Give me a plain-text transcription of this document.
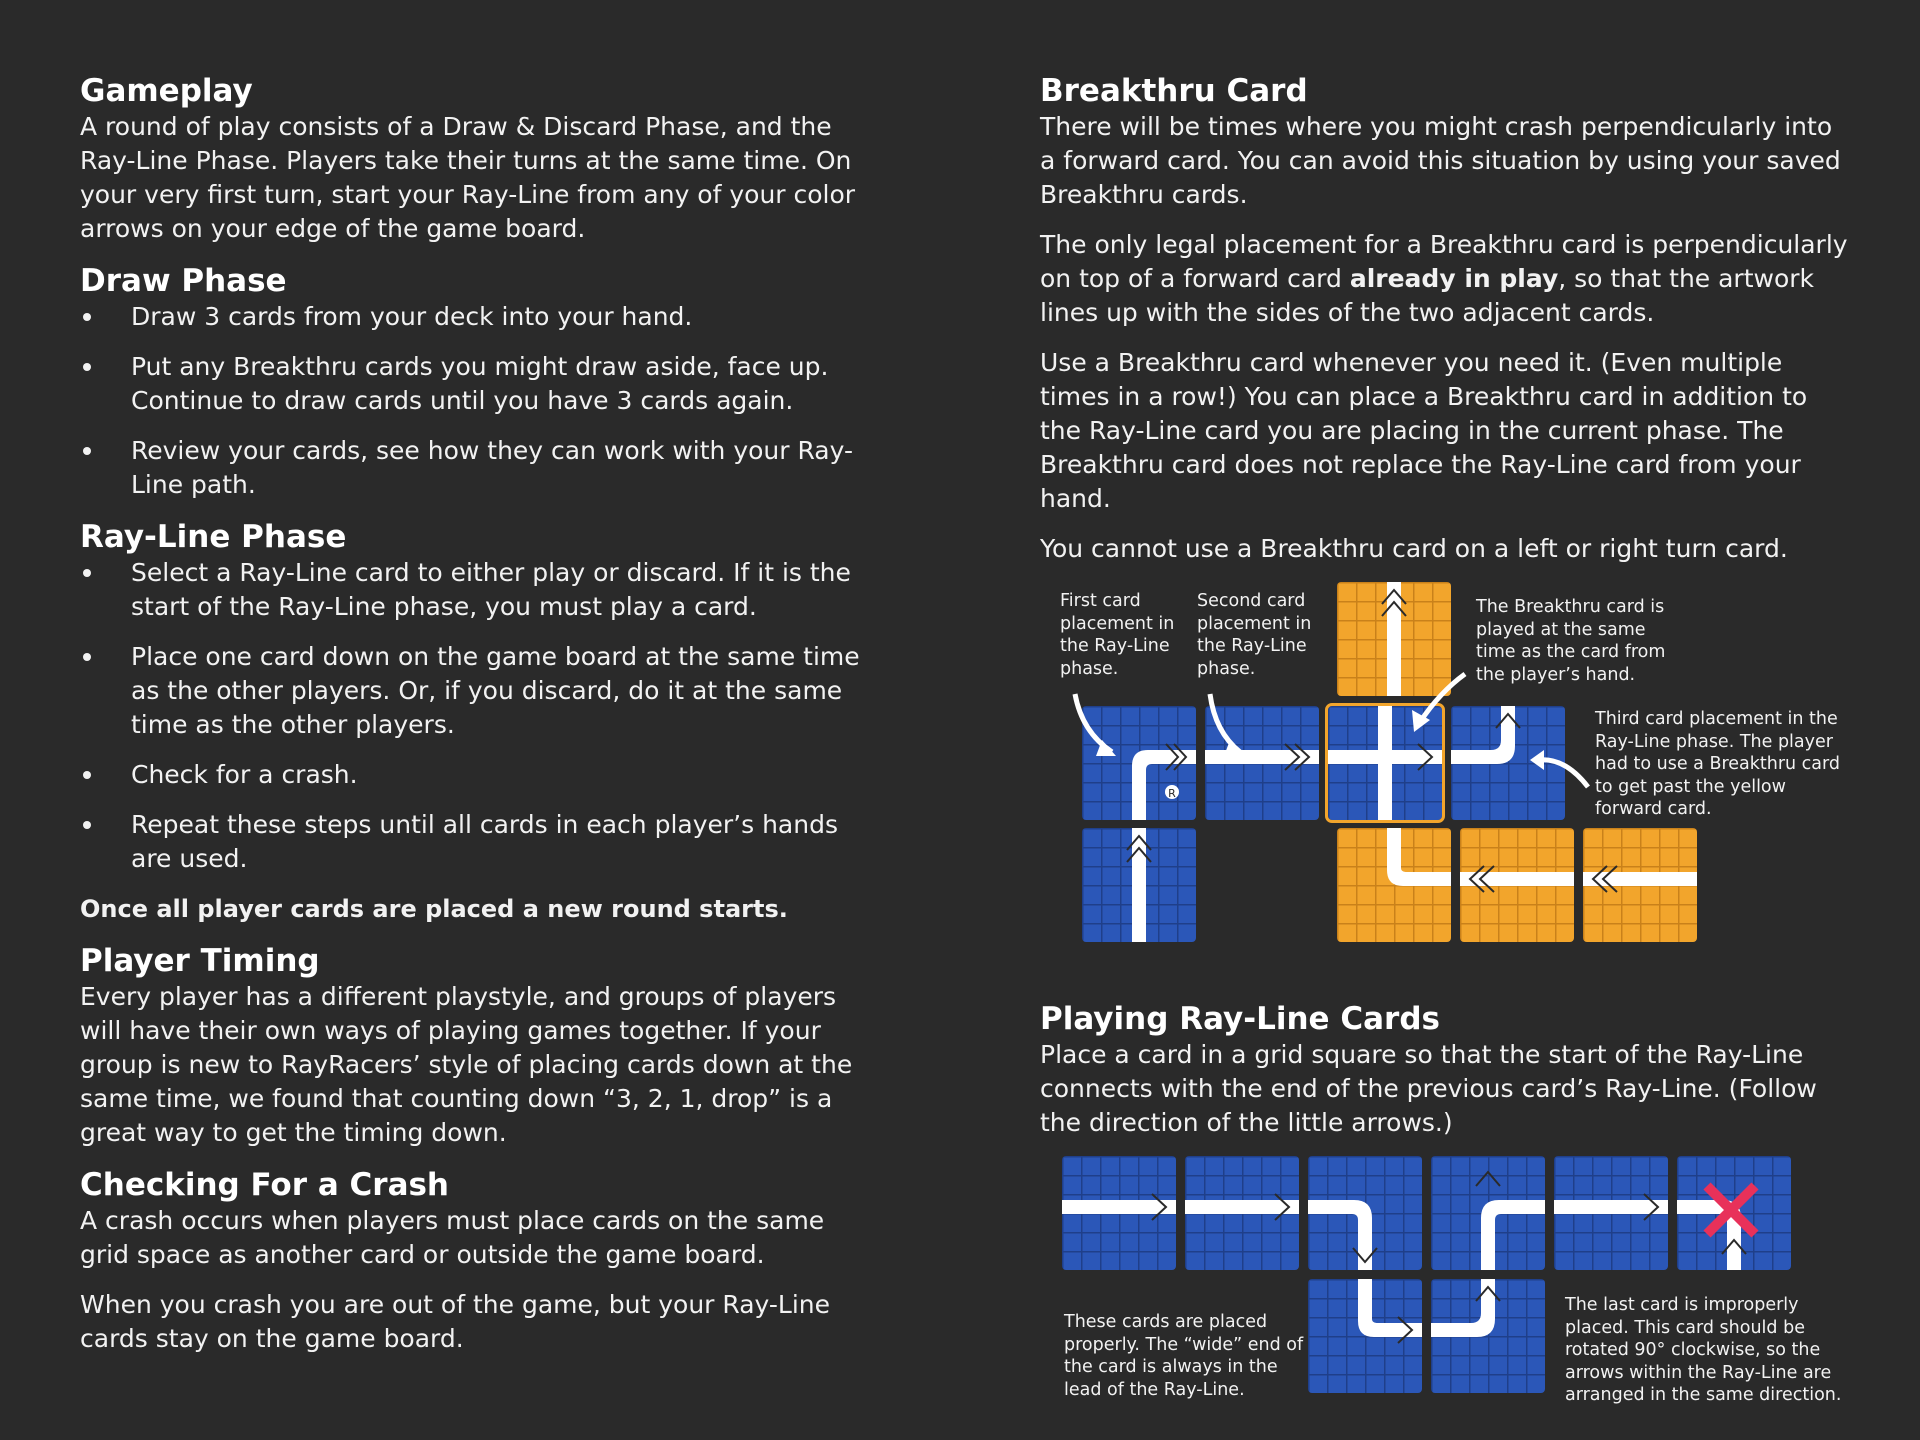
Gameplay

A round of play consists of a Draw & Discard Phase, and the Ray-Line Phase. Players take their turns at the same time. On your very first turn, start your Ray-Line from any of your color arrows on your edge of the game board.

Draw Phase
Draw 3 cards from your deck into your hand.
Put any Breakthru cards you might draw aside, face up. Continue to draw cards until you have 3 cards again.
Review your cards, see how they can work with your Ray-Line path.
Ray-Line Phase
Select a Ray-Line card to either play or discard. If it is the start of the Ray-Line phase, you must play a card.
Place one card down on the game board at the same time as the other players. Or, if you discard, do it at the same time as the other players.
Check for a crash.
Repeat these steps until all cards in each player’s hands are used.

Once all player cards are placed a new round starts.

Player Timing

Every player has a different playstyle, and groups of players will have their own ways of playing games together. If your group is new to RayRacers’ style of placing cards down at the same time, we found that counting down “3, 2, 1, drop” is a great way to get the timing down.

Checking For a Crash

A crash occurs when players must place cards on the same grid space as another card or outside the game board.

When you crash you are out of the game, but your Ray-Line cards stay on the game board.

Breakthru Card

There will be times where you might crash perpendicularly into a forward card. You can avoid this situation by using your saved Breakthru cards.

The only legal placement for a Breakthru card is perpendicularly on top of a forward card already in play, so that the artwork lines up with the sides of the two adjacent cards.

Use a Breakthru card whenever you need it. (Even multiple times in a row!) You can place a Breakthru card in addition to the Ray-Line card you are placing in the current phase. The Breakthru card does not replace the Ray-Line card from your hand.

You cannot use a Breakthru card on a left or right turn card.

First card placement in the Ray-Line phase.
Second card placement in the Ray-Line phase.
The Breakthru card is played at the same time as the card from the player’s hand.
Third card placement in the Ray-Line phase. The player had to use a Breakthru card to get past the yellow forward card.
R
Playing Ray-Line Cards

Place a card in a grid square so that the start of the Ray-Line connects with the end of the previous card’s Ray-Line. (Follow the direction of the little arrows.)

These cards are placed properly. The “wide” end of the card is always in the lead of the Ray-Line.
The last card is improperly placed. This card should be rotated 90° clockwise, so the arrows within the Ray-Line are arranged in the same direction.
